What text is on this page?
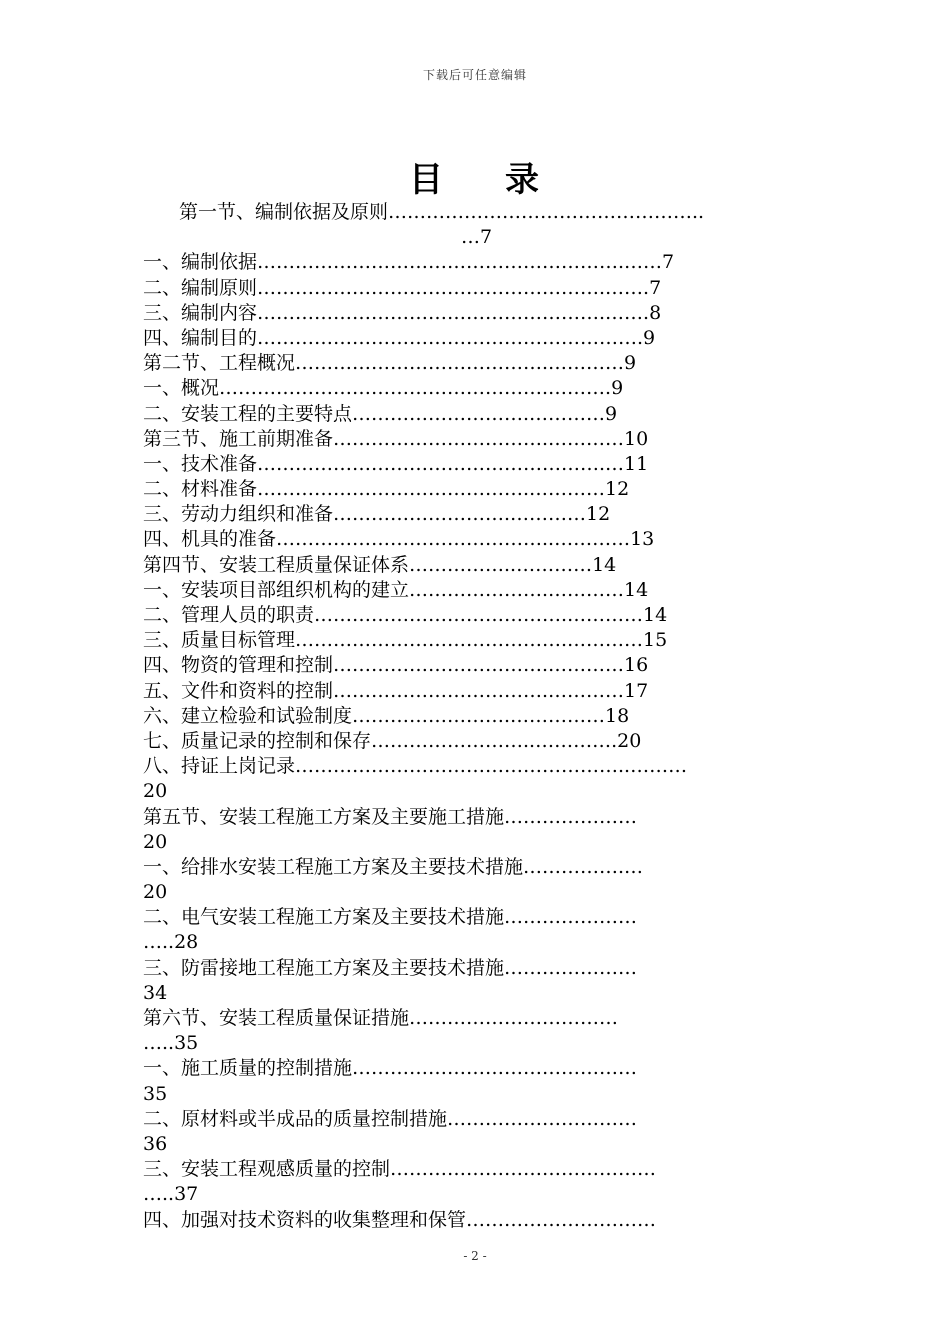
下载后可任意编辑
目 录
第一节、编制依据及原则…………………………………………..
…7
一、编制依据………………………………………………….……7
二、编制原则……………………………………………….…….7
三、编制内容……………………………………………….…….8
四、编制目的…………………………………………………….9
第二节、工程概况………………………………….…………9
一、概况…………………………………………….……….9
二、安装工程的主要特点……………………….…………9
第三节、施工前期准备…………………………….…………10
一、技术准备……………………………………………….…11
二、材料准备…………………………………….…………12
三、劳动力组织和准备……………………….…………12
四、机具的准备……………………………………..…………13
第四节、安装工程质量保证体系……………..…………14
一、安装项目部组织机构的建立………………….…………14
二、管理人员的职责………………………………….…………14
三、质量目标管理…………………………………….…………15
四、物资的管理和控制…………………………….…………16
五、文件和资料的控制…………………………….…………17
六、建立检验和试验制度…………………….……………18
七、质量记录的控制和保存……………………..………….20
八、持证上岗记录……………………………………………..………
20
第五节、安装工程施工方案及主要施工措施…………………
20
一、给排水安装工程施工方案及主要技术措施…………….…
20
二、电气安装工程施工方案及主要技术措施…………………
…..28
三、防雷接地工程施工方案及主要技术措施…………………
34
第六节、安装工程质量保证措施……………………………
…..35
一、施工质量的控制措施………………………………………
35
二、原材料或半成品的质量控制措施…………………………
36
三、安装工程观感质量的控制……………………………………
…..37
四、加强对技术资料的收集整理和保管…………………………
- 2 -
